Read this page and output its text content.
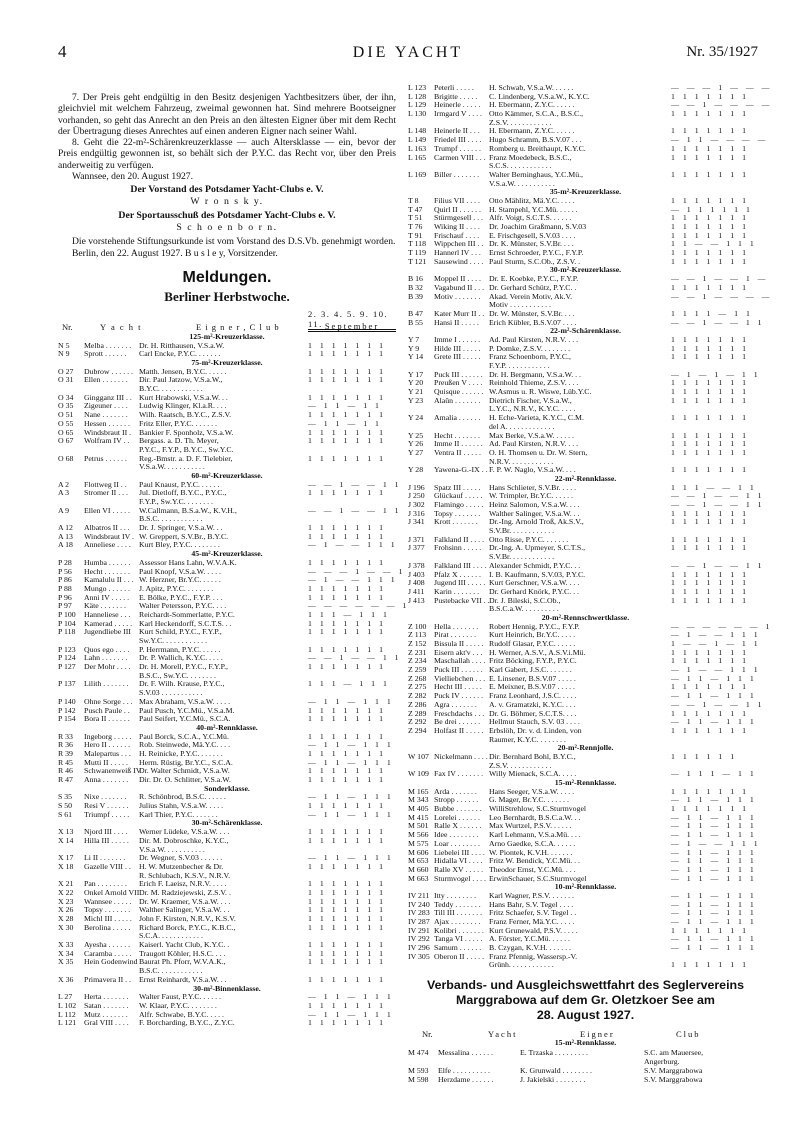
4	DIE YACHT	Nr. 35/1927

7. Der Preis geht endgültig in den Besitz desjenigen Yachtbesitzers über, der ihn, gleichviel mit welchem Fahrzeug, zweimal gewonnen hat. Sind mehrere Bootseigner vorhanden, so geht das Anrecht an den Preis an den ältesten Eigner über mit dem Recht der Übertragung dieses Anrechtes auf einen anderen Eigner nach seiner Wahl.

8. Geht die 22-m²-Schärenkreuzerklasse — auch Altersklasse — ein, bevor der Preis endgültig gewonnen ist, so behält sich der P.Y.C. das Recht vor, über den Preis anderweitig zu verfügen.

Wannsee, den 20. August 1927.

Der Vorstand des Potsdamer Yacht-Clubs e. V.

W r o n s k y.

Der Sportausschuß des Potsdamer Yacht-Clubs e. V.

S c h o e n b o r n.

Die vorstehende Stiftungsurkunde ist vom Vorstand des D.S.Vb. genehmigt worden.

Berlin, den 22. August 1927. B u s l e y, Vorsitzender.

Meldungen.
Berliner Herbstwoche.
Nr.	Y a c h t	E i g n e r , C l u b
2. 3. 4. 5. 9. 10. 11. September
125-m²-Kreuzerklasse.
N 5	Melba . . . . . . . Dr. H. Ritthausen, V.S.a.W.	1 1 1 1 1 1 1
N 9	Sprott . . . . . .	Carl Encke, P.Y.C. . . . . . .	1 1 1 1 1 1 1
75-m²-Kreuzerklasse.
O 27	Dubrow . . . . . . Matth. Jensen, B.Y.C. . . . . .	1 1 1 1 1 1 1
O 31	Ellen . . . . . . .	Dir. Paul Jatzow, V.S.a.W.,	1 1 1 1 1 1 1
B.Y.C. . . . . . . . . . . .
O 34	Gingganz III . . Kurt Hrabowski, V.S.a.W. . .	1 1 1 1 1 1 1
O 35	Zigeuner . . . .	Ludwig Klinger, Kl.a.R. . . .	— 1 1 — 1 1
O 51	Nane . . . . . . .	Wilh. Raatsch, B.Y.C., Z.S.V.	1 1 1 1 1 1 1
O 55	Hessen . . . . . .	Fritz Eller, P.Y.C. . . . . . .	— 1 1 — 1 1
O 65	Windsbraut II .	Bankier F. Sponholz, V.S.a.W.	1 1 1 1 1 1 1
O 67	Wolfram IV . .	Bergass. a. D. Th. Meyer,	1 1 1 1 1 1 1
P.Y.C., F.Y.P., B.Y.C., Sw.Y.C.
O 68	Petrus . . . . . .	Reg.-Bmstr. a. D. F. Tielebier,	1 1 1 1 1 1 1
V.S.a.W. . . . . . . . . . .
60-m²-Kreuzerklasse.
A 2	Flottweg II . .	Paul Knaust, P.Y.C. . . . . .	— — 1 — — 1 1
A 3	Stromer II . . .	Jul. Dietloff, B.Y.C., P.Y.C.,	1 1 1 1 1 1 1
F.Y.P., Sw.Y.C. . . . . . . .
A 9	Ellen VI . . . . .	W.Callmann, B.S.a.W., K.V.H.,	— — 1 — — 1 1
B.S.C. . . . . . . . . . . .
A 12	Albatros II . . .	Dr. J. Springer, V.S.a.W. . .	1 1 1 1 1 1 1
A 13	Windsbraut IV . W. Greppert, S.V.Br., B.Y.C.	1 1 1 1 1 1 1
A 18	Anneliese . . . .	Kurt Bley, P.Y.C. . . . . . . .	— 1 — — 1 1 1
45-m²-Kreuzerklasse.
P 28	Humba . . . . . .	Assessor Hans Lahn, W.V.A.K.	1 1 1 1 1 1 1
P 56	Hecht . . . . . . .	Paul Knopf, V.S.a.W. . . . .	— — — 1 — — 1
P 86	Kamalulu II . . . W. Herzner, Br.Y.C. . . . . .	— 1 — — 1 1 1
P 88	Mungo . . . . . .	J. Apitz, P.Y.C. . . . . . . .	1 1 1 1 1 1 1
P 96	Anni IV . . . . .	E. Bölke, P.Y.C., F.Y.P. . . .	1 1 1 1 1 1 1
P 97	Käte . . . . . . .	Walter Petersson, P.Y.C. . . .	— — — — — — 1
P 100	Hanneliese . . .	Reichardt-Sommerlatte, P.Y.C.	1 1 1 — 1 1 1
P 104	Kamerad . . . . . Karl Heckendorff, S.C.T.S. . .	1 1 1 1 1 1 1
P 118	Jugendliebe III	Kurt Schild, P.Y.C., F.Y.P.,	1 1 1 1 1 1 1
Sw.Y.C. . . . . . . . . . . .
P 123	Quos ego . . . .	P. Herrmann, P.Y.C. . . . . .	1 1 1 1 1 1 1
P 124	Lahn . . . . . . .	Dr. P. Wallich, K.Y.C. . . . .	— — 1 — — 1 1
P 127	Der Mohr . . . .	Dr. H. Morell, P.Y.C., F.Y.P.,	1 1 1 1 1 1 1
B.S.C., Sw.Y.C. . . . . . . .
P 137	Lilith . . . . . . .	Dr. F. Wilh. Krause, P.Y.C.,	1 1 1 — 1 1 1
S.V.03 . . . . . . . . . . .
P 140	Ohne Sorge . . . Max Abraham, V.S.a.W. . . . .	— 1 1 — 1 1 1
P 142	Pusch Paule . .	Paul Pusch, Y.C.Mü., V.S.a.M.	1 1 1 1 1 1 1
P 154	Bora II . . . . . .	Paul Seifert, Y.C.Mü., S.C.A.	1 1 1 1 1 1 1
40-m²-Rennklasse.
R 33	Ingeborg . . . . . Paul Borck, S.C.A., Y.C.Mü.	1 1 1 1 1 1 1
R 36	Hero II . . . . . .	Rob. Steinwede, Mä.Y.C. . . .	— 1 1 — 1 1 1
R 39	Malepartus . . .	H. Reinicke, P.Y.C. . . . . . .	1 1 1 1 1 1 1
R 45	Mutti II . . . . .	Herm. Rüstig, Br.Y.C., S.C.A.	— 1 1 — 1 1 1
R 46	Schwanenweiß IV
Dr. Walter Schmidt, V.S.a.W.	1 1 1 1 1 1 1
R 47	Anna . . . . . . .	Dir. Dr. O. Schlitter, V.S.a.W.	1 1 1 1 1 1 1
Sonderklasse.
S 35	Nixe . . . . . . .	R. Schönbrod, B.S.C. . . . . .	— 1 1 — 1 1 1
S 50	Resi V . . . . . .	Julius Stahn, V.S.a.W. . . . .	1 1 1 1 1 1 1
S 61	Triumpf . . . . .	Karl Thier, P.Y.C. . . . . . .	— 1 1 — 1 1 1
30-m²-Schärenklasse.
X 13	Njord III . . . .	Werner Lüdeke, V.S.a.W. . . .	1 1 1 1 1 1 1
X 14	Hilla III . . . . .	Dir. M. Dobroschke, K.Y.C.,	1 1 1 1 1 1 1
V.S.a.W. . . . . . . . . . .
X 17	Li II . . . . . . .	Dr. Wegner, S.V.03 . . . . . .	— 1 1 — 1 1 1
X 18	Gazelle VIII . .	H. W. Mutzenbecher & Dr.	1 1 1 1 1 1 1
R. Schlubach, K.S.V., N.R.V.
X 21	Pan . . . . . . . .	Erich F. Laeisz, N.R.V. . . . .	1 1 1 1 1 1 1
X 22	Onkel Arnold VII Dr. M. Radziejewski, Z.S.V. .	1 1 1 1 1 1 1
X 23	Wannsee . . . . . Dr. W. Kraemer, V.S.a.W. . . .	1 1 1 1 1 1 1
X 26	Topsy . . . . . . .	Walther Salinger, V.S.a.W. . .	1 1 1 1 1 1 1
X 28	Michl III . . . . . John F. Kirsten, N.R.V., K.S.V.	1 1 1 1 1 1 1
X 30	Berolina . . . . .	Richard Borck, P.Y.C., K.B.C.,	1 1 1 1 1 1 1
S.C.A. . . . . . . . . . . .
X 33	Ayesha . . . . . .	Kaiserl. Yacht Club, K.Y.C. .	1 1 1 1 1 1 1
X 34	Caramba . . . . . Traugott Köhler, H.S.C. . . .	1 1 1 1 1 1 1
X 35	Hein Godenwind Baurat Ph. Pforr, W.V.A.K.,	1 1 1 1 1 1 1
B.S.C. . . . . . . . . . . .
X 36	Primavera II . .	Ernst Reinhardt, V.S.a.W. . .	1 1 1 1 1 1 1
30-m²-Binnenklasse.
L 27	Herta . . . . . . .	Walter Faust, P.Y.C. . . . . .	— 1 1 — 1 1 1
L 102	Satan . . . . . . .	W. Klaar, P.Y.C. . . . . . . .	1 1 1 1 1 1 1
L 112	Mutz . . . . . . .	Alfr. Schwabe, B.Y.C. . . . .	— 1 1 — 1 1 1
L 121	Gral VIII . . . .	F. Borcharding, B.Y.C., Z.Y.C.	1 1 1 1 1 1 1
L 123	Peterli . . . . .	H. Schwab, V.S.a.W. . . . . .	— — — 1 — — —
L 128	Brigitte . . . . .	C. Lindenberg, V.S.a.W., K.Y.C.	1 1 1 1 1 1 1
L 129	Heinerle . . . . .	H. Ebermann, Z.Y.C. . . . . .	— — 1 — — — —
L 130	Irmgard V . . . . Otto Kämmer, S.C.A., B.S.C.,	1 1 1 1 1 1 1
Z.S.V. . . . . . . . . . . .
L 148	Heinerle II . . .	H. Ebermann, Z.Y.C. . . . . .	1 1 1 1 1 1 1
L 149	Friedel III . . . . Hugo Schramm, B.S.V.07 . . .	— 1 1 — — — —
L 163	Trumpf . . . . . .	Romberg u. Breithaupt, K.Y.C.	1 1 1 1 1 1 1
L 165	Carmen VIII . . . Franz Moedebeck, B.S.C.,	1 1 1 1 1 1 1
S.C.S. . . . . . . . . . . .
L 169	Biller . . . . . . .	Walter Berninghaus, Y.C.Mü.,	1 1 1 1 1 1 1
V.S.a.W. . . . . . . . . . .
35-m²-Kreuzerklasse.
T 8	Filius VII . . . .	Otto Mählitz, Mä.Y.C. . . . .	1 1 1 1 1 1 1
T 47	Quirl II . . . . . .	H. Stampehl, Y.C.Mü. . . . . .	— 1 1 1 1 1 1
T 51	Stürmgesell . . . Alfr. Voigt, S.C.T.S. . . . . .	1 1 1 1 1 1 1
T 76	Wiking II . . . .	Dr. Joachim Graßmann, S.V.03	1 1 1 1 1 1 1
T 91	Frischauf . . . .	E. Frischgesell, S.V.03 . . . .	1 1 1 1 1 1 1
T 118	Wippchen III . . Dr. K. Münster, S.V.Br. . . .	1 1 — — 1 1 1
T 119	Hannerl IV . . .	Ernst Schroeder, P.Y.C., F.Y.P.	1 1 1 1 1 1 1
T 121 Sausewind . . . . Paul Sturm, S.C.Ob., Z.S.V. .	1 1 1 1 1 1 1
30-m²-Kreuzerklasse.
B 16	Moppel II . . . .	Dr. E. Koebke, P.Y.C., F.Y.P.	— — 1 — — 1 —
B 32	Vagabund II . . . Dr. Gerhard Schütz, P.Y.C. .	1 1 1 1 1 1 1
B 39	Motiv . . . . . . .	Akad. Verein Motiv, Ak.V.	— — 1 — — — —
Motiv . . . . . . . . . . .
B 47	Kater Murr II . . Dr. W. Münster, S.V.Br. . . .	1 1 1 1 — 1 1
B 55	Hansi II . . . . .	Erich Kübler, B.S.V.07 . . . .	— — 1 — — 1 1
22-m²-Schärenklasse.
Y 7	Imme I . . . . . .	Ad. Paul Kirsten, N.R.V. . . .	1 1 1 1 1 1 1
Y 9	Hilde III . . . . .	P. Domke, Z.S.V. . . . . . . .	1 1 1 1 1 1 1
Y 14	Grete III . . . . .	Franz Schoenborn, P.Y.C.,	1 1 1 1 1 1 1
F.Y.P. . . . . . . . . . . .
Y 17	Puck III . . . . . . Dr. H. Bergmann, V.S.a.W. . .	— 1 — 1 — 1 1
Y 20	Preußen V . . . . Reinhold Thieme, Z.S.V. . . .	1 1 1 1 1 1 1
Y 21	Quisque . . . . . . W.Asmus u. R. Wiswe, Lüb.Y.C.	1 1 1 1 1 1 1
Y 23	Alaûn . . . . . . .	Dietrich Fischer, V.S.a.W.,	1 1 1 1 1 1 1
L.Y.C., N.R.V., K.Y.C. . . . .
Y 24	Amalia . . . . . .	H. Eche-Varieta, K.Y.C., C.M.	1 1 1 1 1 1 1
del A. . . . . . . . . . . . .
Y 25	Hecht . . . . . . .	Max Berke, V.S.a.W. . . . . .	1 1 1 1 1 1 1
Y 26	Imme II . . . . . . Ad. Paul Kirsten, N.R.V. . . .	1 1 1 1 1 1 1
Y 27	Ventra II . . . . .	O. H. Thomsen u. Dr. W. Stern,	1 1 1 1 1 1 1
N.R.V. . . . . . . . . . . .
Y 28	Yawena-G.-IX . . F. P. W. Naglo, V.S.a.W. . . .	1 1 1 1 1 1 1
22-m²-Rennklasse.
J 196	Spatz III . . . . .	Hans Schlieter, S.V.Br. . . . .	1 1 1 — — 1 1
J 250	Glückauf . . . . . W. Trimpler, Br.Y.C. . . . . .	— — 1 — — 1 1
J 302	Flamingo . . . . . Heinz Salomon, V.S.a.W. . . .	— — 1 — — 1 1
J 316	Topsy . . . . . . .	Walther Salinger, V.S.a.W. . .	1 1 1 1 1 1 1
J 341	Krott . . . . . . .	Dr.-Ing. Arnold Troß, Ak.S.V.,	1 1 1 1 1 1 1
S.V.Br. . . . . . . . . . . .
J 371	Falkland II . . . . Otto Risse, P.Y.C. . . . . . .	1 1 1 1 1 1 1
J 377	Frohsinn . . . . . Dr.-Ing. A. Upmeyer, S.C.T.S.,	1 1 1 1 1 1 1
S.V.Br. . . . . . . . . . . .
J 378	Falkland III . . . . Alexander Schmidt, P.Y.C. . .	— — 1 — — 1 1
J 403	Pfalz X . . . . . .	I. B. Kaufmann, S.V.03, P.Y.C.	1 1 1 1 1 1 1
J 408	Jugend III . . . . . Kurt Gerschner, V.S.a.W. . . .	1 1 1 1 1 1 1
J 411	Karin . . . . . . .	Dr. Gerhard Knörk, P.Y.C. . .	1 1 1 1 1 1 1
J 413	Pustebacke VII . . Dr. J. Bileski, S.C.Ob.,	1 1 1 1 1 1 1
B.S.C.a.W. . . . . . . . . .
20-m²-Rennschwertklasse.
Z 100 Hella . . . . . . .	Robert Hennig, P.Y.C., F.Y.P.	— — — — — — 1
Z 113	Pirat . . . . . . .	Kurt Heinrich, Br.Y.C. . . . .	— 1 — — 1 1 1
Z 152 Bissula II . . . . . Rudolf Glasar, P.Y.C. . . . . .	1 — — 1 — 1 1
Z 231 Eisern akt'v . . . H. Werner, A.S.V., A.S.V.i.Mü.	1 1 1 1 1 1 1
Z 234 Maschallah . . . . Fritz Böcking, F.Y.P., P.Y.C.	1 1 1 1 1 1 1
Z 259 Puck III . . . . . . Karl Gabert, J.S.C. . . . . . .	— 1 — — 1 1 1
Z 268 Vielliebchen . . . E. Linsener, B.S.V.07 . . . . .	— 1 1 — 1 1 1
Z 275 Hecht III . . . . . E. Meixner, B.S.V.07 . . . . .	1 1 1 1 1 1 1
Z 282 Puck IV . . . . . . Franz Leonhard, J.S.C. . . . .	— 1 1 — 1 1 1
Z 286 Agra . . . . . . .	A. v. Gramatzki, K.Y.C. . . .	— — 1 — — 1 1
Z 289 Freschdachs . . . Dr. G. Böhmer, S.C.T.S. . . .	1 1 1 1 1 1 1
Z 292 Be drei . . . . . .	Hellmut Stauch, S.V. 03 . . . .	— 1 1 — 1 1 1
Z 294 Holfast II . . . . . Erbslöh, Dr. v. d. Linden, von	1 1 1 1 1 1 1
Raumer, K.Y.C. . . . . . . .
20-m²-Rennjolle.
W 107 Nickelmann . . . . Dir. Bernhard Bohl, B.Y.C.,	1 1 1 1 1 1
Z.S.V. . . . . . . . . . . .
W 109 Fax IV . . . . . . . Willy Mienack, S.C.A. . . . .	— 1 1 1 — 1 1
15-m²-Rennklasse.
M 165 Arda . . . . . . .	Hans Seeger, V.S.a.W. . . . .	1 1 1 1 1 1 1
M 343 Stropp . . . . . .	G. Mager, Br.Y.C. . . . . . .	— 1 1 — 1 1 1
M 405 Bubbe . . . . . . . WilliStrehlow, S.C.Sturmvogel	1 1 1 1 1 1 1
M 415 Lorelei . . . . . .	Leo Bernhardt, B.S.C.a.W. . .	— 1 1 — 1 1 1
M 501 Ralle X . . . . . . Max Wurtzel, P.S.V. . . . . .	— 1 1 — 1 1 1
M 566 Idee . . . . . . . .	Karl Lehmann, V.S.a.Mü. . . .	— 1 1 — 1 1 1
M 575 Loar . . . . . . . .	Arno Gaedke, S.C.A. . . . . .	— 1 — — 1 1 1
M 606 Liebelei III . . . . W. Piontek, K.V.H. . . . . . .	— 1 1 — 1 1 1
M 653 Hidalla VI . . . . Fritz W. Bendick, Y.C.Mü. . .	— 1 1 — 1 1 1
M 660 Ralle XV . . . . . Theodor Ernst, Y.C.Mü. . . .	— 1 1 — 1 1 1
M 663 Sturmvogel . . . . ErwinSchauer, S.C.Sturmvogel	— 1 1 — 1 1 1
10-m²-Rennklasse.
IV 211 Itty . . . . . . . .	Karl Wagner, P.S.V. . . . . . .	— 1 1 — 1 1 1
IV 240 Teddy . . . . . . .	Hans Bahr, S.V. Tegel . . . .	— 1 1 — 1 1 1
IV 283 Till III . . . . . . . Fritz Schaefer, S.V. Tegel . .	— 1 1 — 1 1 1
IV 287 Ajax . . . . . . . .	Franz Ferner, Mä.Y.C. . . . .	— 1 1 — 1 1 1
IV 291 Kolibri . . . . . . . Kurt Grunewald, P.S.V. . . . .	1 1 1 1 1 1 1
IV 292 Tanga VI . . . . . A. Förster, Y.C.Mü. . . . . .	— 1 1 — 1 1 1
IV 296 Samum . . . . . . B. Czygan, K.V.H. . . . . . .	— 1 1 — 1 1 1
IV 305 Oberon II . . . . . Franz Pfennig, Wassersp.-V.
Grünh. . . . . . . . . . . .	1 1 1 1 1 1 1
Verbands- und Ausgleichswettfahrt des Seglervereins
Marggrabowa auf dem Gr. Oletzkoer See am
28. August 1927.
Nr.	Yacht	Eigner	Club
15-m²-Rennklasse.
M 474	Messalina . . . . . .	E. Trzaska . . . . . . . . .	S.C. am Mauersee,
Angerburg.
M 593	Elfe . . . . . . . . . .	K. Grunwald . . . . . . . .	S.V. Marggrabowa
M 598	Herzdame . . . . . .	J. Jakielski . . . . . . . .	S.V. Marggrabowa
